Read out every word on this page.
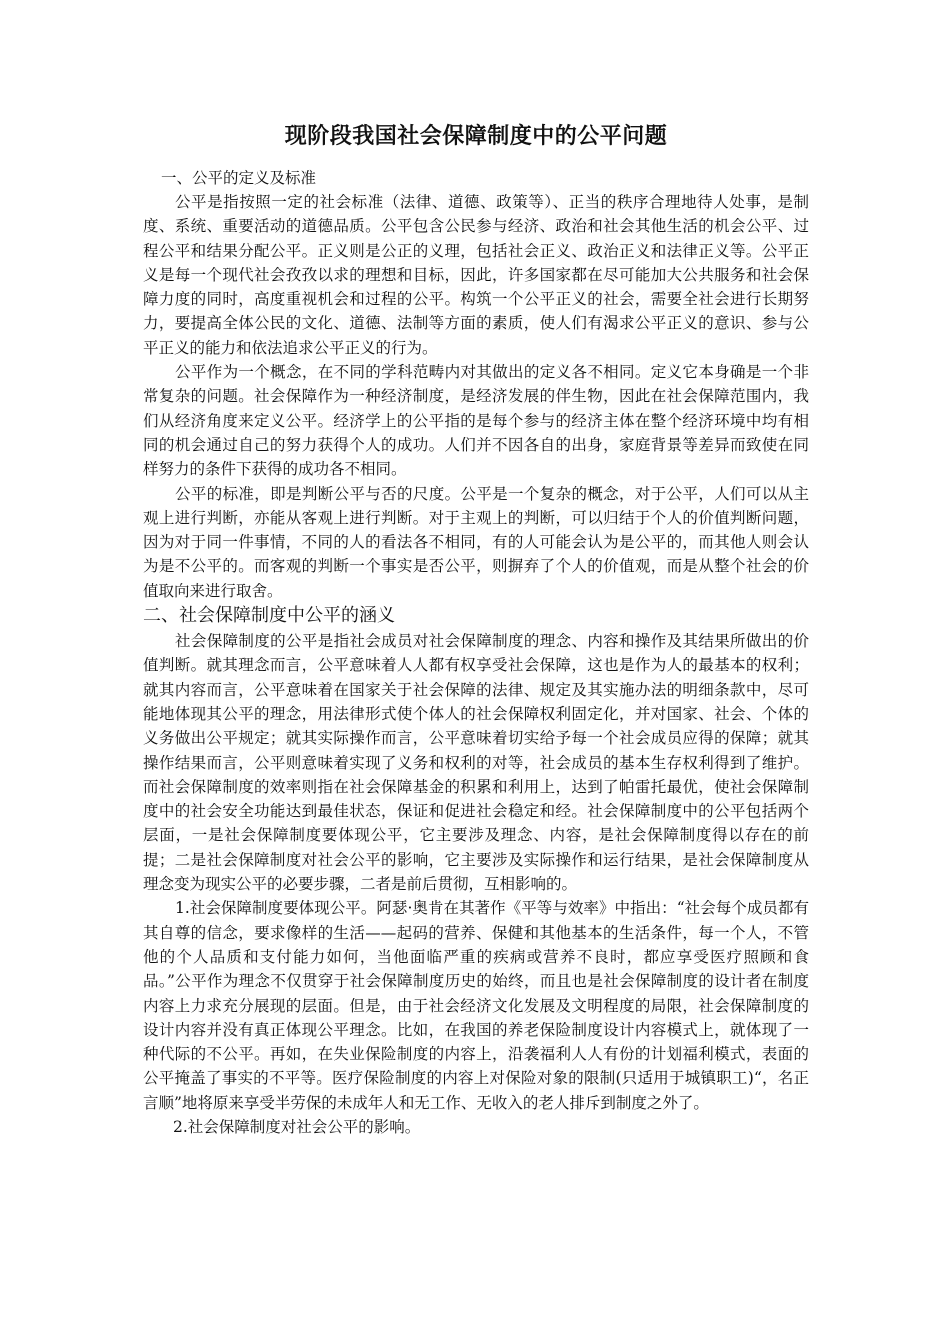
现阶段我国社会保障制度中的公平问题

一、公平的定义及标准

公平是指按照一定的社会标准（法律、道德、政策等）、正当的秩序合理地待人处事，是制度、系统、重要活动的道德品质。公平包含公民参与经济、政治和社会其他生活的机会公平、过程公平和结果分配公平。正义则是公正的义理，包括社会正义、政治正义和法律正义等。公平正义是每一个现代社会孜孜以求的理想和目标，因此，许多国家都在尽可能加大公共服务和社会保障力度的同时，高度重视机会和过程的公平。构筑一个公平正义的社会，需要全社会进行长期努力，要提高全体公民的文化、道德、法制等方面的素质，使人们有渴求公平正义的意识、参与公平正义的能力和依法追求公平正义的行为。

公平作为一个概念，在不同的学科范畴内对其做出的定义各不相同。定义它本身确是一个非常复杂的问题。社会保障作为一种经济制度，是经济发展的伴生物，因此在社会保障范围内，我们从经济角度来定义公平。经济学上的公平指的是每个参与的经济主体在整个经济环境中均有相同的机会通过自己的努力获得个人的成功。人们并不因各自的出身，家庭背景等差异而致使在同样努力的条件下获得的成功各不相同。

公平的标准，即是判断公平与否的尺度。公平是一个复杂的概念，对于公平，人们可以从主观上进行判断，亦能从客观上进行判断。对于主观上的判断，可以归结于个人的价值判断问题，因为对于同一件事情，不同的人的看法各不相同，有的人可能会认为是公平的，而其他人则会认为是不公平的。而客观的判断一个事实是否公平，则摒弃了个人的价值观，而是从整个社会的价值取向来进行取舍。

二、社会保障制度中公平的涵义

社会保障制度的公平是指社会成员对社会保障制度的理念、内容和操作及其结果所做出的价值判断。就其理念而言，公平意味着人人都有权享受社会保障，这也是作为人的最基本的权利；就其内容而言，公平意味着在国家关于社会保障的法律、规定及其实施办法的明细条款中，尽可能地体现其公平的理念，用法律形式使个体人的社会保障权利固定化，并对国家、社会、个体的义务做出公平规定；就其实际操作而言，公平意味着切实给予每一个社会成员应得的保障；就其操作结果而言，公平则意味着实现了义务和权利的对等，社会成员的基本生存权利得到了维护。而社会保障制度的效率则指在社会保障基金的积累和利用上，达到了帕雷托最优，使社会保障制度中的社会安全功能达到最佳状态，保证和促进社会稳定和经。社会保障制度中的公平包括两个层面，一是社会保障制度要体现公平，它主要涉及理念、内容，是社会保障制度得以存在的前提；二是社会保障制度对社会公平的影响，它主要涉及实际操作和运行结果，是社会保障制度从理念变为现实公平的必要步骤，二者是前后贯彻，互相影响的。

1.社会保障制度要体现公平。阿瑟·奥肯在其著作《平等与效率》中指出：“社会每个成员都有其自尊的信念，要求像样的生活——起码的营养、保健和其他基本的生活条件，每一个人，不管他的个人品质和支付能力如何，当他面临严重的疾病或营养不良时，都应享受医疗照顾和食品。”公平作为理念不仅贯穿于社会保障制度历史的始终，而且也是社会保障制度的设计者在制度内容上力求充分展现的层面。但是，由于社会经济文化发展及文明程度的局限，社会保障制度的设计内容并没有真正体现公平理念。比如，在我国的养老保险制度设计内容模式上，就体现了一种代际的不公平。再如，在失业保险制度的内容上，沿袭福利人人有份的计划福利模式，表面的公平掩盖了事实的不平等。医疗保险制度的内容上对保险对象的限制(只适用于城镇职工)“，名正言顺”地将原来享受半劳保的未成年人和无工作、无收入的老人排斥到制度之外了。

2.社会保障制度对社会公平的影响。
